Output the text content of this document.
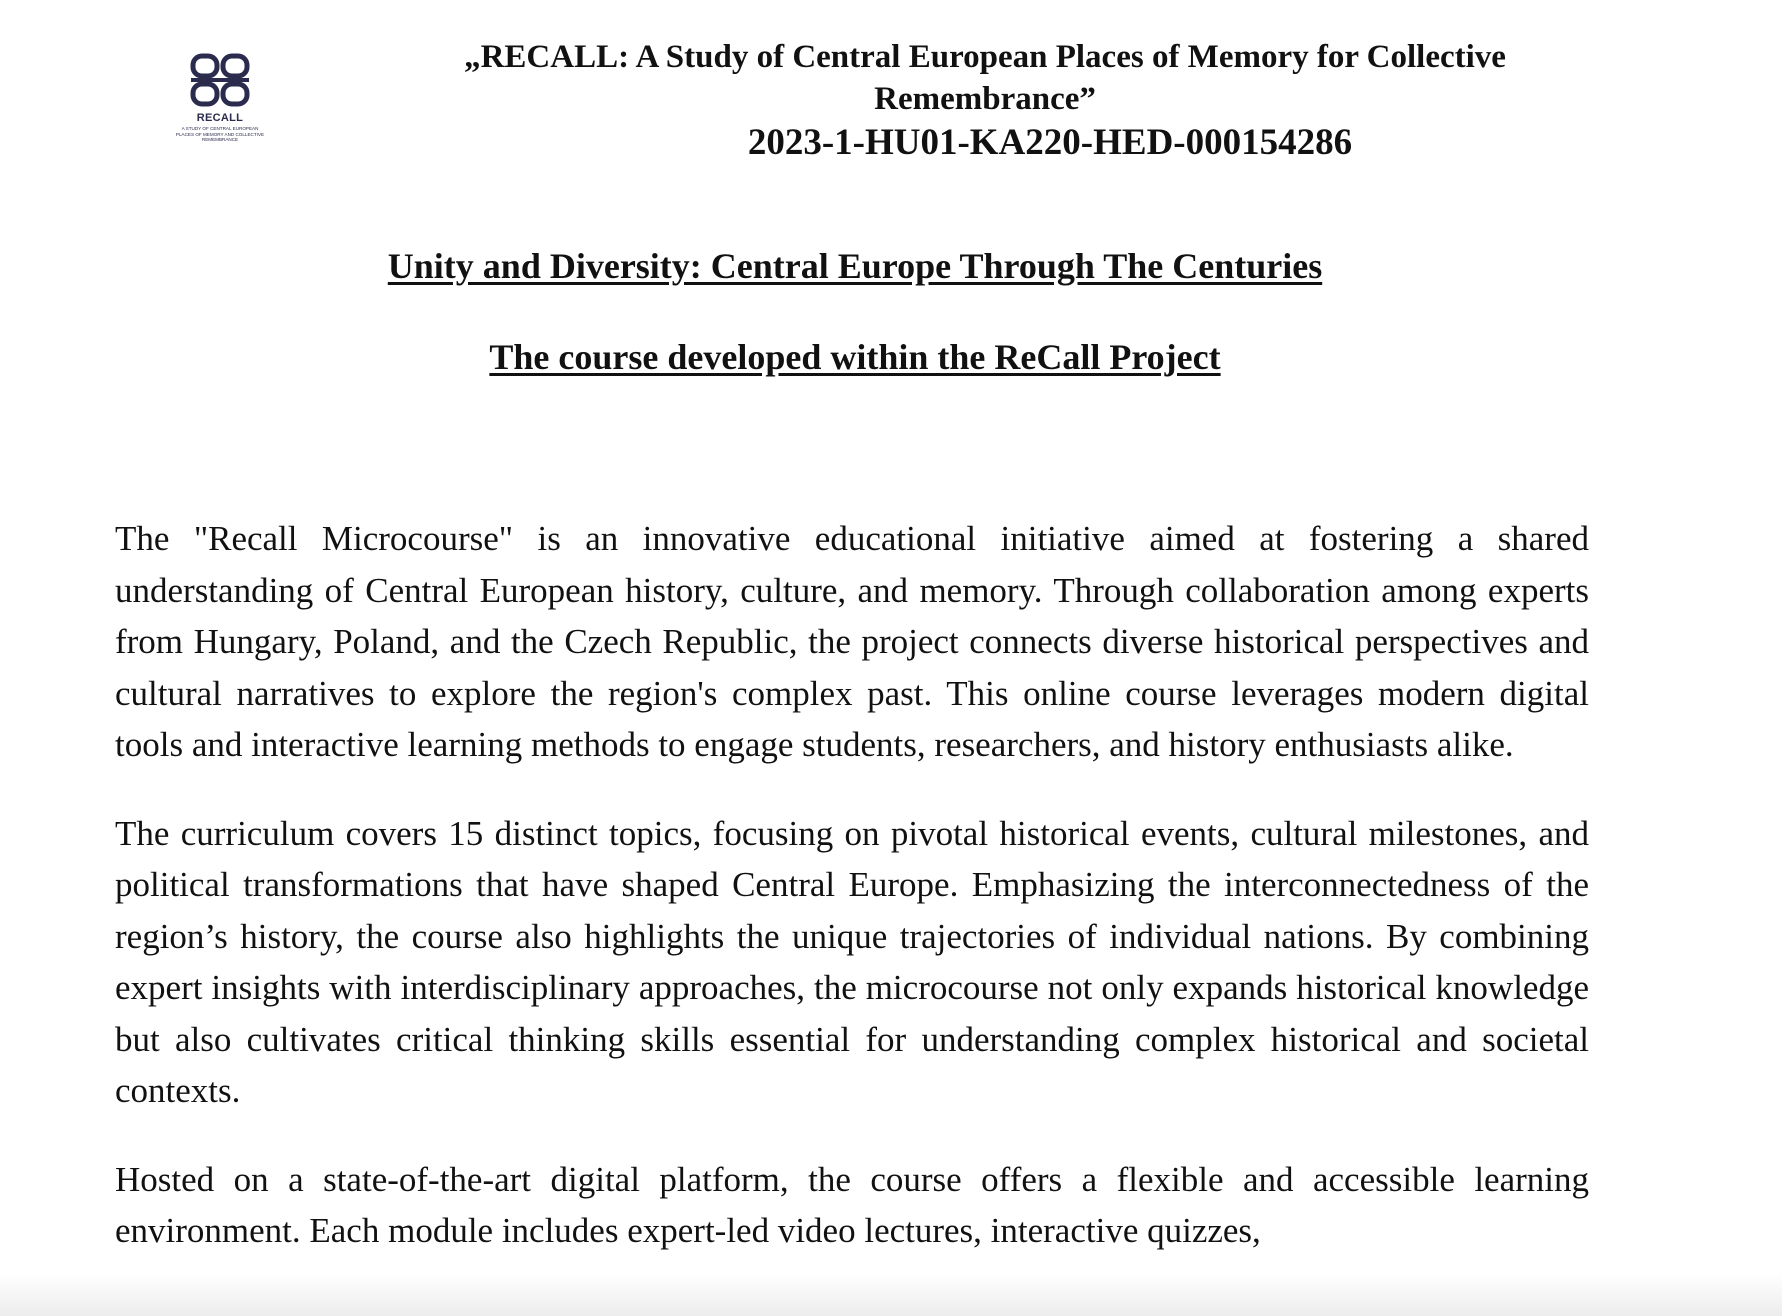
RECALL
A STUDY OF CENTRAL EUROPEAN PLACES OF MEMORY AND COLLECTIVE REMEMBRANCE
„RECALL: A Study of Central European Places of Memory for Collective Remembrance”
2023-1-HU01-KA220-HED-000154286
Unity and Diversity: Central Europe Through The Centuries
The course developed within the ReCall Project

The "Recall Microcourse" is an innovative educational initiative aimed at fostering a shared understanding of Central European history, culture, and memory. Through collaboration among experts from Hungary, Poland, and the Czech Republic, the project connects diverse historical perspectives and cultural narratives to explore the region's complex past. This online course leverages modern digital tools and interactive learning methods to engage students, researchers, and history enthusiasts alike.

The curriculum covers 15 distinct topics, focusing on pivotal historical events, cultural milestones, and political transformations that have shaped Central Europe. Emphasizing the interconnectedness of the region’s history, the course also highlights the unique trajectories of individual nations. By combining expert insights with interdisciplinary approaches, the microcourse not only expands historical knowledge but also cultivates critical thinking skills essential for understanding complex historical and societal contexts.

Hosted on a state-of-the-art digital platform, the course offers a flexible and accessible learning environment. Each module includes expert-led video lectures, interactive quizzes,
